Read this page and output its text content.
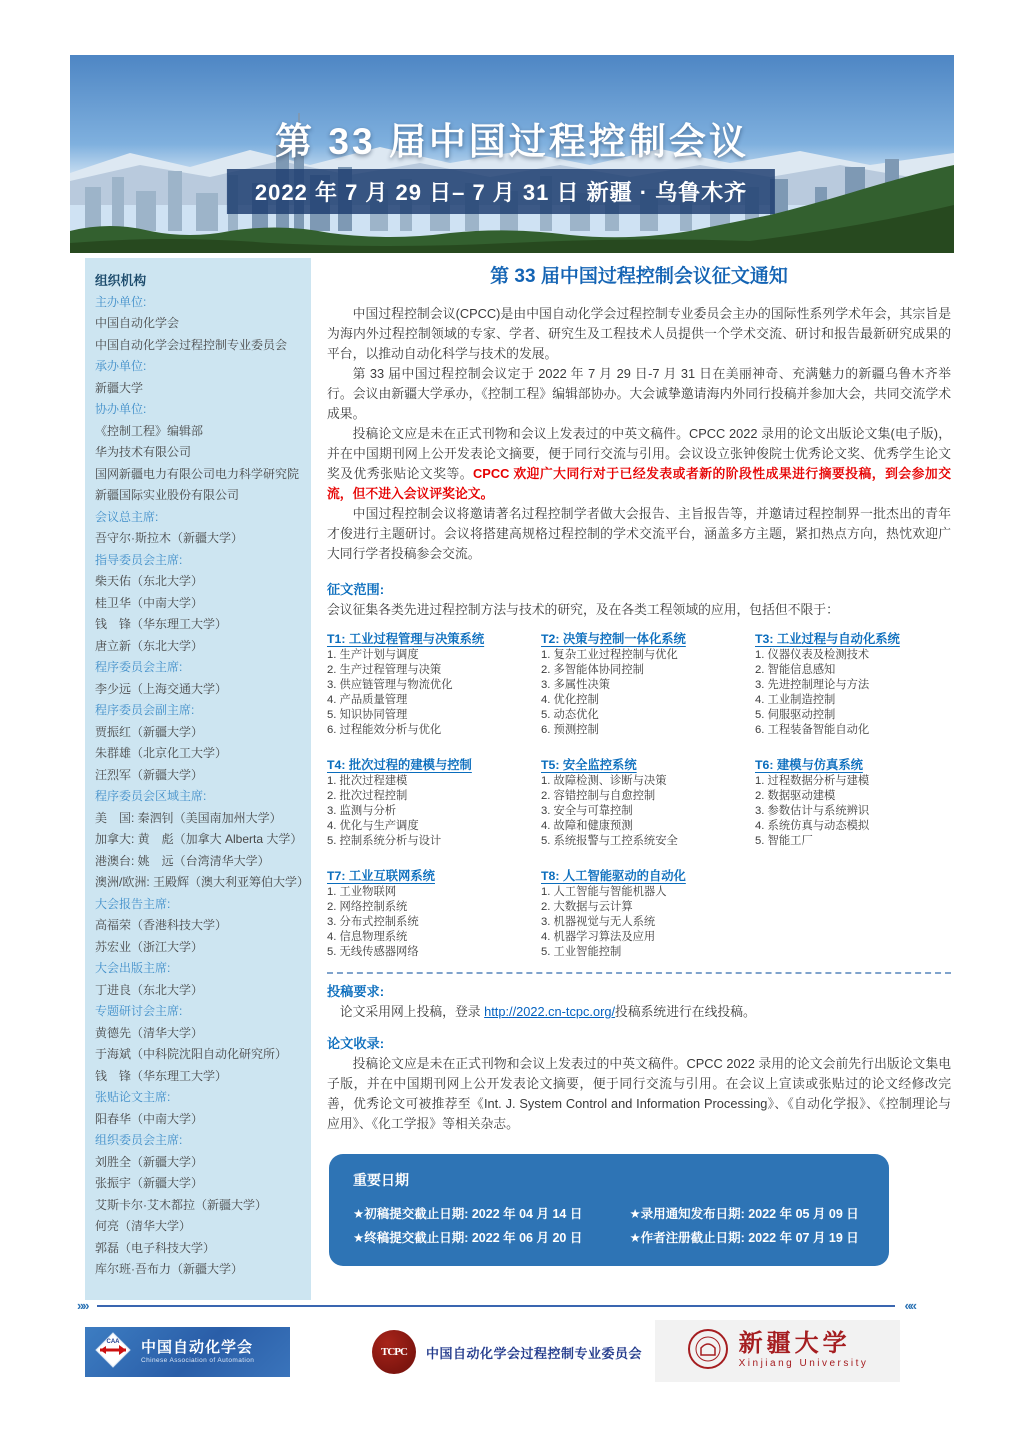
第 33 届中国过程控制会议
2022 年 7 月 29 日– 7 月 31 日 新疆 · 乌鲁木齐
组织机构
主办单位:
中国自动化学会
中国自动化学会过程控制专业委员会
承办单位:
新疆大学
协办单位:
《控制工程》编辑部
华为技术有限公司
国网新疆电力有限公司电力科学研究院
新疆国际实业股份有限公司
会议总主席:
吾守尔·斯拉木（新疆大学）
指导委员会主席:
柴天佑（东北大学）
桂卫华（中南大学）
钱　锋（华东理工大学）
唐立新（东北大学）
程序委员会主席:
李少远（上海交通大学）
程序委员会副主席:
贾振红（新疆大学）
朱群雄（北京化工大学）
汪烈军（新疆大学）
程序委员会区域主席:
美　国: 秦泗钊（美国南加州大学）
加拿大: 黄　彪（加拿大 Alberta 大学）
港澳台: 姚　远（台湾清华大学）
澳洲/欧洲: 王殿辉（澳大利亚筹伯大学）
大会报告主席:
高福荣（香港科技大学）
苏宏业（浙江大学）
大会出版主席:
丁进良（东北大学）
专题研讨会主席:
黄德先（清华大学）
于海斌（中科院沈阳自动化研究所）
钱　锋（华东理工大学）
张贴论文主席:
阳春华（中南大学）
组织委员会主席:
刘胜全（新疆大学）
张振宇（新疆大学）
艾斯卡尔·艾木都拉（新疆大学）
何亮（清华大学）
郭磊（电子科技大学）
库尔班·吾布力（新疆大学）
第 33 届中国过程控制会议征文通知

中国过程控制会议(CPCC)是由中国自动化学会过程控制专业委员会主办的国际性系列学术年会，其宗旨是为海内外过程控制领域的专家、学者、研究生及工程技术人员提供一个学术交流、研讨和报告最新研究成果的平台，以推动自动化科学与技术的发展。

第 33 届中国过程控制会议定于 2022 年 7 月 29 日-7 月 31 日在美丽神奇、充满魅力的新疆乌鲁木齐举行。会议由新疆大学承办，《控制工程》编辑部协办。大会诚挚邀请海内外同行投稿并参加大会，共同交流学术成果。

投稿论文应是未在正式刊物和会议上发表过的中英文稿件。CPCC 2022 录用的论文出版论文集(电子版)，并在中国期刊网上公开发表论文摘要，便于同行交流与引用。会议设立张钟俊院士优秀论文奖、优秀学生论文奖及优秀张贴论文奖等。CPCC 欢迎广大同行对于已经发表或者新的阶段性成果进行摘要投稿，到会参加交流，但不进入会议评奖论文。

中国过程控制会议将邀请著名过程控制学者做大会报告、主旨报告等，并邀请过程控制界一批杰出的青年才俊进行主题研讨。会议将搭建高规格过程控制的学术交流平台，涵盖多方主题，紧扣热点方向，热忱欢迎广大同行学者投稿参会交流。

征文范围:

会议征集各类先进过程控制方法与技术的研究，及在各类工程领域的应用，包括但不限于：

T1: 工业过程管理与决策系统
1. 生产计划与调度
2. 生产过程管理与决策
3. 供应链管理与物流优化
4. 产品质量管理
5. 知识协同管理
6. 过程能效分析与优化
T2: 决策与控制一体化系统
1. 复杂工业过程控制与优化
2. 多智能体协同控制
3. 多属性决策
4. 优化控制
5. 动态优化
6. 预测控制
T3: 工业过程与自动化系统
1. 仪器仪表及检测技术
2. 智能信息感知
3. 先进控制理论与方法
4. 工业制造控制
5. 伺服驱动控制
6. 工程装备智能自动化
T4: 批次过程的建模与控制
1. 批次过程建模
2. 批次过程控制
3. 监测与分析
4. 优化与生产调度
5. 控制系统分析与设计
T5: 安全监控系统
1. 故障检测、诊断与决策
2. 容错控制与自愈控制
3. 安全与可靠控制
4. 故障和健康预测
5. 系统报警与工控系统安全
T6: 建模与仿真系统
1. 过程数据分析与建模
2. 数据驱动建模
3. 参数估计与系统辨识
4. 系统仿真与动态模拟
5. 智能工厂
T7: 工业互联网系统
1. 工业物联网
2. 网络控制系统
3. 分布式控制系统
4. 信息物理系统
5. 无线传感器网络
T8: 人工智能驱动的自动化
1. 人工智能与智能机器人
2. 大数据与云计算
3. 机器视觉与无人系统
4. 机器学习算法及应用
5. 工业智能控制
投稿要求:

论文采用网上投稿，登录 http://2022.cn-tcpc.org/投稿系统进行在线投稿。

论文收录:

投稿论文应是未在正式刊物和会议上发表过的中英文稿件。CPCC 2022 录用的论文会前先行出版论文集电子版，并在中国期刊网上公开发表论文摘要，便于同行交流与引用。在会议上宣读或张贴过的论文经修改完善，优秀论文可被推荐至《Int. J. System Control and Information Processing》、《自动化学报》、《控制理论与应用》、《化工学报》等相关杂志。

重要日期
★初稿提交截止日期: 2022 年 04 月 14 日
★终稿提交截止日期: 2022 年 06 月 20 日
★录用通知发布日期: 2022 年 05 月 09 日
★作者注册截止日期: 2022 年 07 月 19 日
»»	««
CAA 中国自动化学会
Chinese Association of Automation
TCPC	中国自动化学会过程控制专业委员会	新疆大学
Xinjiang University
